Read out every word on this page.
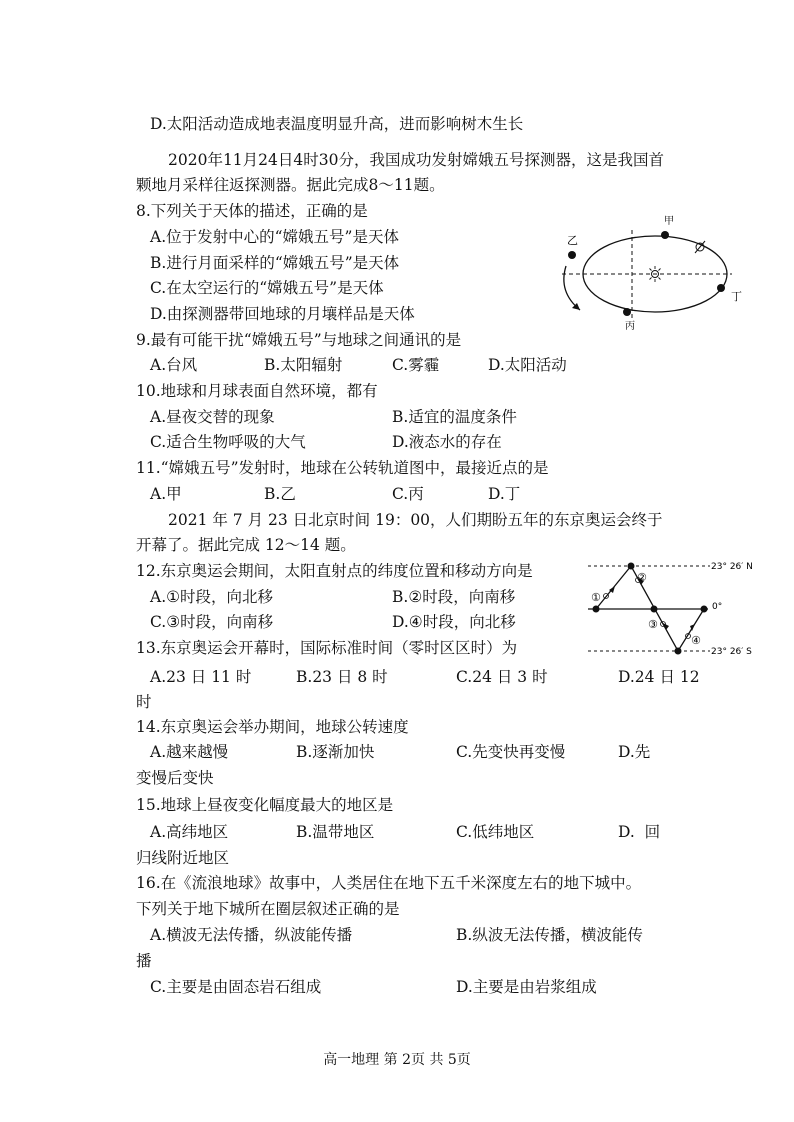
D.太阳活动造成地表温度明显升高，进而影响树木生长
2020年11月24日4时30分，我国成功发射嫦娥五号探测器，这是我国首
颗地月采样往返探测器。据此完成8～11题。
8.下列关于天体的描述，正确的是
A.位于发射中心的“嫦娥五号”是天体
B.进行月面采样的“嫦娥五号”是天体
C.在太空运行的“嫦娥五号”是天体
D.由探测器带回地球的月壤样品是天体
甲
乙
丙
丁
9.最有可能干扰“嫦娥五号”与地球之间通讯的是
A.台风	B.太阳辐射	C.雾霾	D.太阳活动
10.地球和月球表面自然环境，都有
A.昼夜交替的现象	B.适宜的温度条件
C.适合生物呼吸的大气	D.液态水的存在
11.“嫦娥五号”发射时，地球在公转轨道图中，最接近点的是
A.甲	B.乙	C.丙	D.丁
2021 年 7 月 23 日北京时间 19：00，人们期盼五年的东京奥运会终于
开幕了。据此完成 12～14 题。
12.东京奥运会期间，太阳直射点的纬度位置和移动方向是
A.①时段，向北移	B.②时段，向南移
C.③时段，向南移	D.④时段，向北移
①
②
③
④
23° 26′ N
0°
23° 26′ S
13.东京奥运会开幕时，国际标准时间（零时区区时）为
A.23 日 11 时	B.23 日 8 时	C.24 日 3 时	D.24 日 12
时
14.东京奥运会举办期间，地球公转速度
A.越来越慢	B.逐渐加快	C.先变快再变慢	D.先
变慢后变快
15.地球上昼夜变化幅度最大的地区是
A.高纬地区	B.温带地区	C.低纬地区	D.  回
归线附近地区
16.在《流浪地球》故事中，人类居住在地下五千米深度左右的地下城中。
下列关于地下城所在圈层叙述正确的是
A.横波无法传播，纵波能传播	B.纵波无法传播，横波能传
播
C.主要是由固态岩石组成	D.主要是由岩浆组成
高一地理 第 2页 共 5页
